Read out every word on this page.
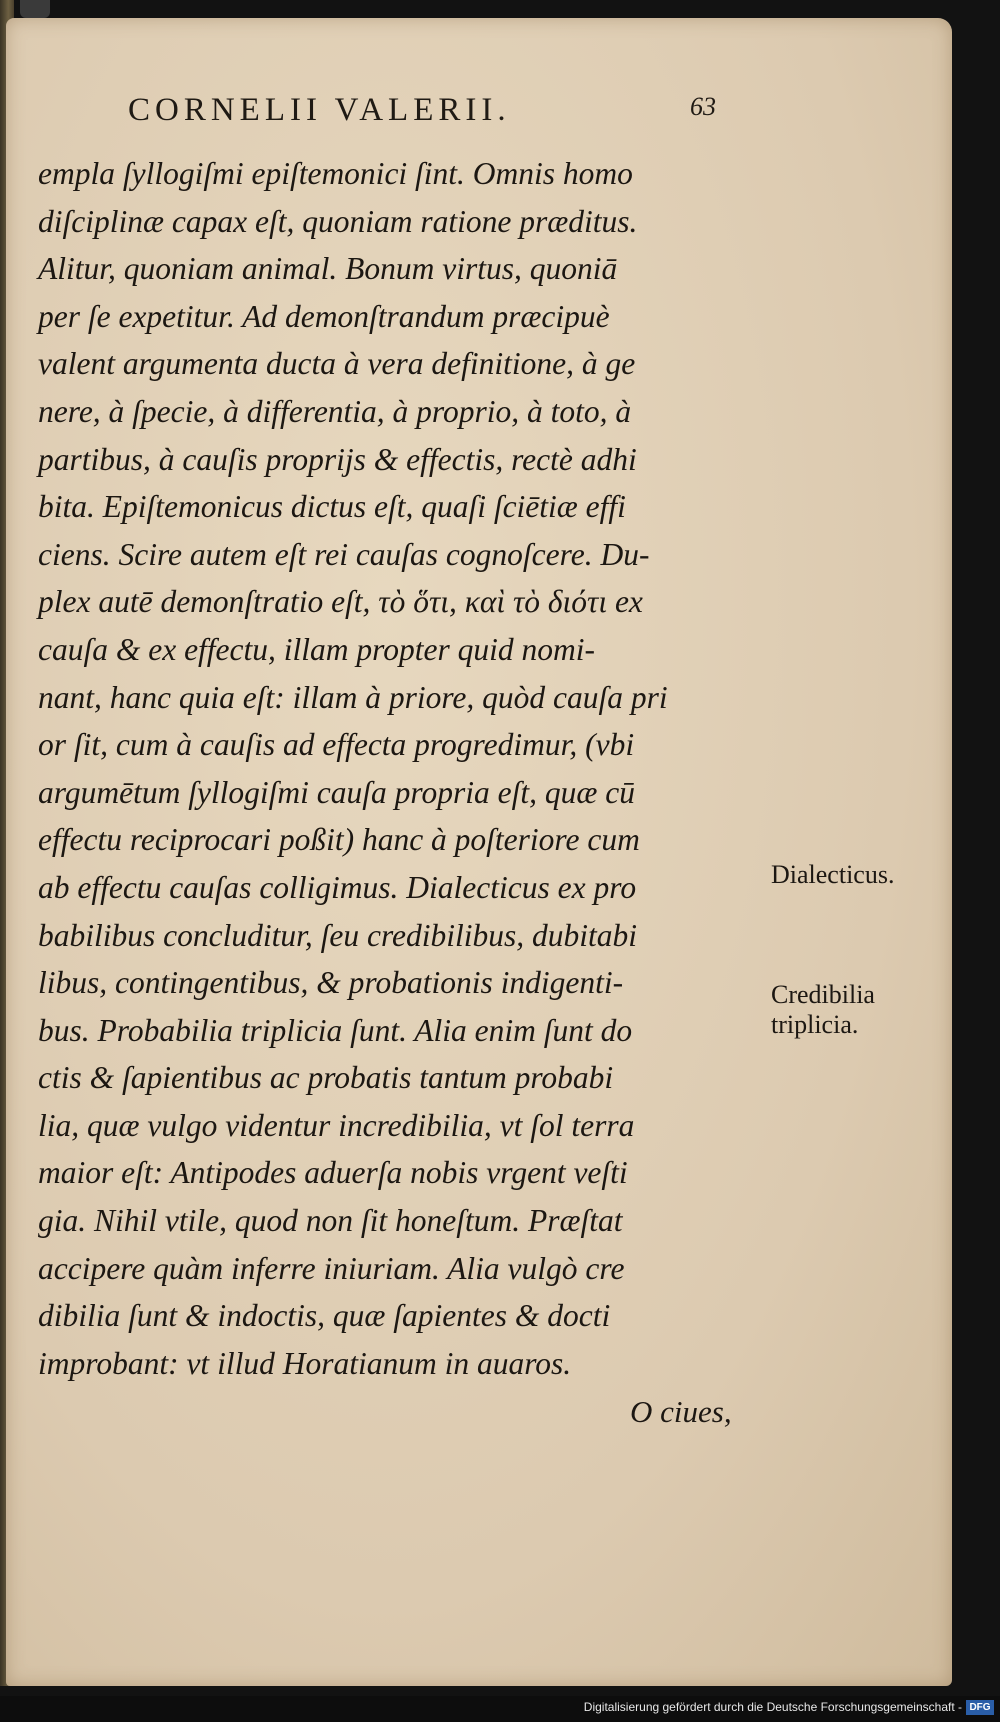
CORNELII VALERII.	63
empla ſyllogiſmi epiſtemonici ſint. Omnis homo
diſciplinæ capax eſt, quoniam ratione præditus.
Alitur, quoniam animal. Bonum virtus, quoniā
per ſe expetitur. Ad demonſtrandum præcipuè
valent argumenta ducta à vera definitione, à ge
nere, à ſpecie, à differentia, à proprio, à toto, à
partibus, à cauſis proprijs & effectis, rectè adhi
bita. Epiſtemonicus dictus eſt, quaſi ſciētiæ effi
ciens. Scire autem eſt rei cauſas cognoſcere. Du-
plex autē demonſtratio eſt, τὸ ὅτι, καὶ τὸ διότι ex
cauſa & ex effectu, illam propter quid nomi-
nant, hanc quia eſt: illam à priore, quòd cauſa pri
or ſit, cum à cauſis ad effecta progredimur, (vbi
argumētum ſyllogiſmi cauſa propria eſt, quæ cū
effectu reciprocari poßit) hanc à poſteriore cum
ab effectu cauſas colligimus. Dialecticus ex pro
babilibus concluditur, ſeu credibilibus, dubitabi
libus, contingentibus, & probationis indigenti-
bus. Probabilia triplicia ſunt. Alia enim ſunt do
ctis & ſapientibus ac probatis tantum probabi
lia, quæ vulgo videntur incredibilia, vt ſol terra
maior eſt: Antipodes aduerſa nobis vrgent veſti
gia. Nihil vtile, quod non ſit honeſtum. Præſtat
accipere quàm inferre iniuriam. Alia vulgò cre
dibilia ſunt & indoctis, quæ ſapientes & docti
improbant: vt illud Horatianum in auaros.
Dialecticus.
Credibilia
triplicia.
O ciues,
Digitalisierung gefördert durch die Deutsche Forschungsgemeinschaft - DFG
